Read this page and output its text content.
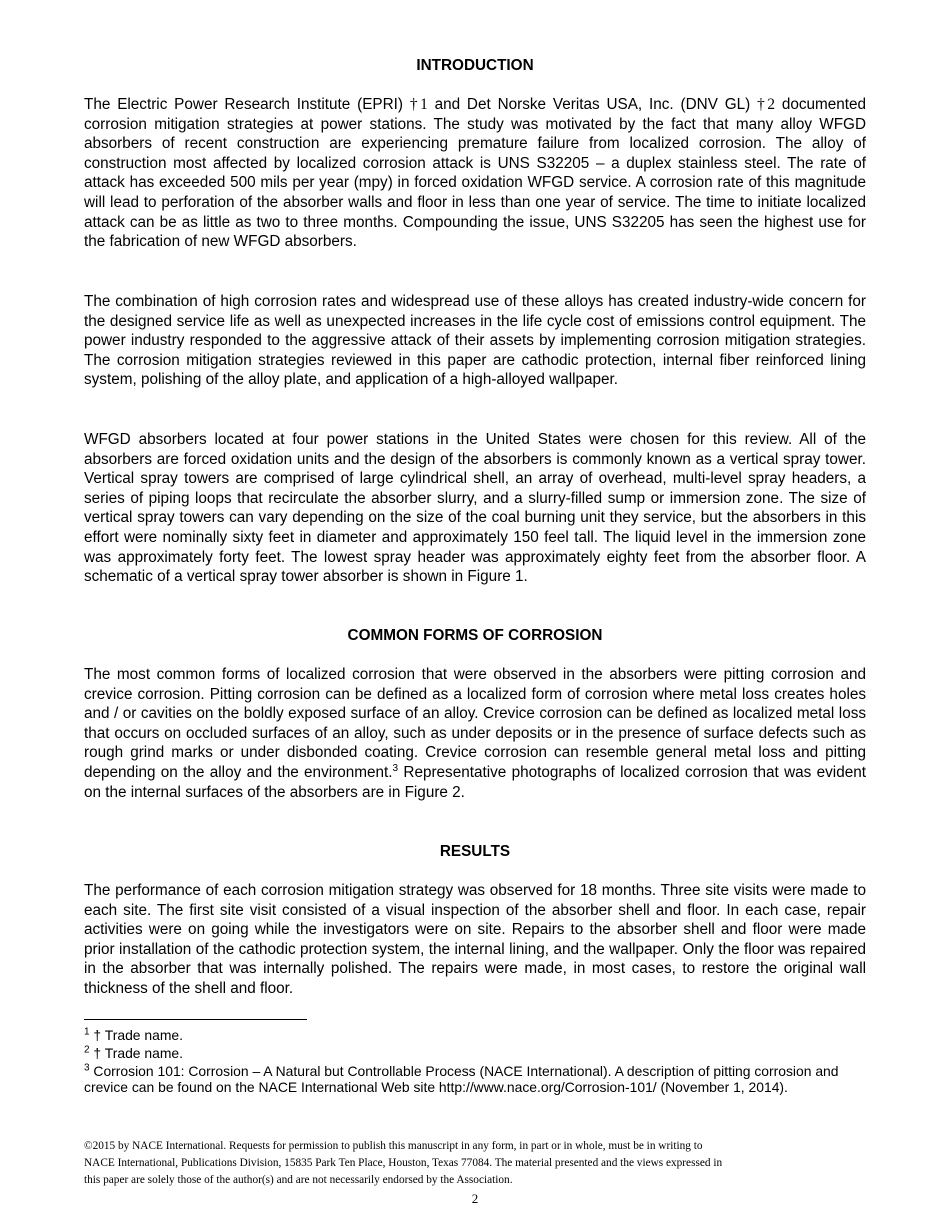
INTRODUCTION

The Electric Power Research Institute (EPRI) †1 and Det Norske Veritas USA, Inc. (DNV GL) †2 documented corrosion mitigation strategies at power stations. The study was motivated by the fact that many alloy WFGD absorbers of recent construction are experiencing premature failure from localized corrosion. The alloy of construction most affected by localized corrosion attack is UNS S32205 – a duplex stainless steel. The rate of attack has exceeded 500 mils per year (mpy) in forced oxidation WFGD service. A corrosion rate of this magnitude will lead to perforation of the absorber walls and floor in less than one year of service. The time to initiate localized attack can be as little as two to three months. Compounding the issue, UNS S32205 has seen the highest use for the fabrication of new WFGD absorbers.

The combination of high corrosion rates and widespread use of these alloys has created industry-wide concern for the designed service life as well as unexpected increases in the life cycle cost of emissions control equipment. The power industry responded to the aggressive attack of their assets by implementing corrosion mitigation strategies. The corrosion mitigation strategies reviewed in this paper are cathodic protection, internal fiber reinforced lining system, polishing of the alloy plate, and application of a high-alloyed wallpaper.

WFGD absorbers located at four power stations in the United States were chosen for this review. All of the absorbers are forced oxidation units and the design of the absorbers is commonly known as a vertical spray tower. Vertical spray towers are comprised of large cylindrical shell, an array of overhead, multi-level spray headers, a series of piping loops that recirculate the absorber slurry, and a slurry-filled sump or immersion zone. The size of vertical spray towers can vary depending on the size of the coal burning unit they service, but the absorbers in this effort were nominally sixty feet in diameter and approximately 150 feel tall. The liquid level in the immersion zone was approximately forty feet. The lowest spray header was approximately eighty feet from the absorber floor. A schematic of a vertical spray tower absorber is shown in Figure 1.

COMMON FORMS OF CORROSION

The most common forms of localized corrosion that were observed in the absorbers were pitting corrosion and crevice corrosion. Pitting corrosion can be defined as a localized form of corrosion where metal loss creates holes and / or cavities on the boldly exposed surface of an alloy. Crevice corrosion can be defined as localized metal loss that occurs on occluded surfaces of an alloy, such as under deposits or in the presence of surface defects such as rough grind marks or under disbonded coating. Crevice corrosion can resemble general metal loss and pitting depending on the alloy and the environment.$^3$ Representative photographs of localized corrosion that was evident on the internal surfaces of the absorbers are in Figure 2.

RESULTS

The performance of each corrosion mitigation strategy was observed for 18 months. Three site visits were made to each site. The first site visit consisted of a visual inspection of the absorber shell and floor. In each case, repair activities were on going while the investigators were on site. Repairs to the absorber shell and floor were made prior installation of the cathodic protection system, the internal lining, and the wallpaper. Only the floor was repaired in the absorber that was internally polished. The repairs were made, in most cases, to restore the original wall thickness of the shell and floor.

$^1$ † Trade name.

$^2$ † Trade name.

$^3$ Corrosion 101: Corrosion – A Natural but Controllable Process (NACE International). A description of pitting corrosion and crevice can be found on the NACE International Web site http://www.nace.org/Corrosion-101/ (November 1, 2014).

©2015 by NACE International. Requests for permission to publish this manuscript in any form, in part or in whole, must be in writing to
NACE International, Publications Division, 15835 Park Ten Place, Houston, Texas 77084. The material presented and the views expressed in
this paper are solely those of the author(s) and are not necessarily endorsed by the Association.
2
